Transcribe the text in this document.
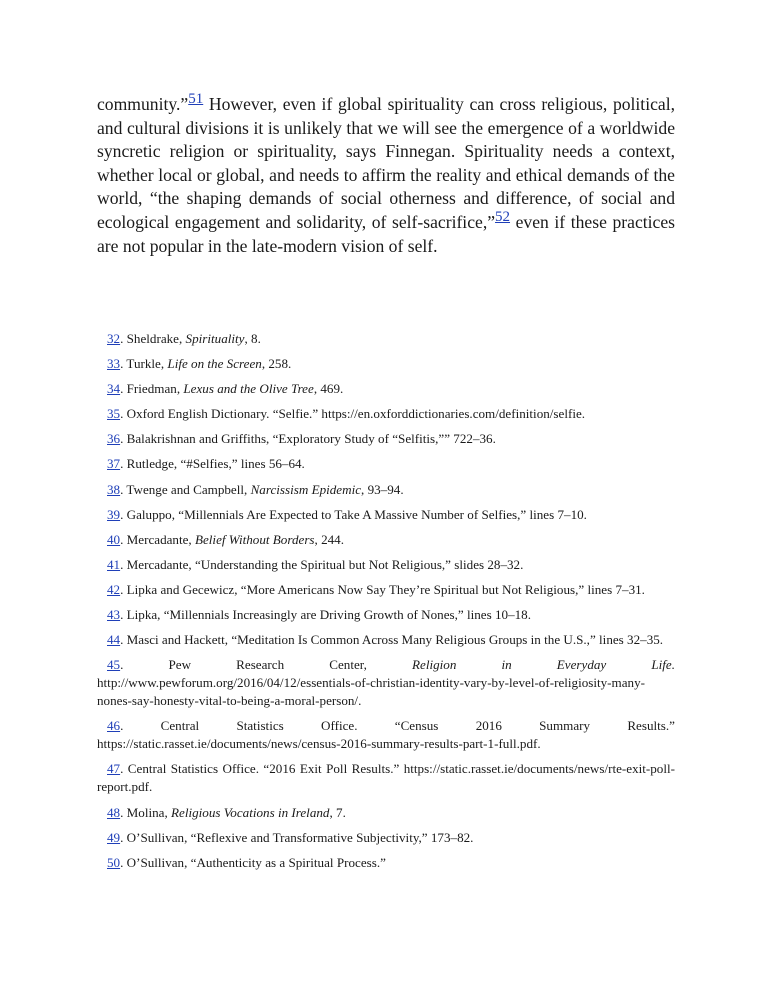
community.”$^{51}$ However, even if global spirituality can cross religious, political, and cultural divisions it is unlikely that we will see the emergence of a worldwide syncretic religion or spirituality, says Finnegan. Spirituality needs a context, whether local or global, and needs to affirm the reality and ethical demands of the world, “the shaping demands of social otherness and difference, of social and ecological engagement and solidarity, of self-sacrifice,”$^{52}$ even if these practices are not popular in the late-modern vision of self.

32. Sheldrake, Spirituality, 8.
33. Turkle, Life on the Screen, 258.
34. Friedman, Lexus and the Olive Tree, 469.
35. Oxford English Dictionary. “Selfie.” https://en.oxforddictionaries.com/definition/selfie.
36. Balakrishnan and Griffiths, “Exploratory Study of “Selfitis,”” 722–36.
37. Rutledge, “#Selfies,” lines 56–64.
38. Twenge and Campbell, Narcissism Epidemic, 93–94.
39. Galuppo, “Millennials Are Expected to Take A Massive Number of Selfies,” lines 7–10.
40. Mercadante, Belief Without Borders, 244.
41. Mercadante, “Understanding the Spiritual but Not Religious,” slides 28–32.
42. Lipka and Gecewicz, “More Americans Now Say They’re Spiritual but Not Religious,” lines 7–31.
43. Lipka, “Millennials Increasingly are Driving Growth of Nones,” lines 10–18.
44. Masci and Hackett, “Meditation Is Common Across Many Religious Groups in the U.S.,” lines 32–35.
45.	Pew	Research	Center,	Religion	in	Everyday	Life.
http://www.pewforum.org/2016/04/12/essentials-of-christian-identity-vary-by-level-of-religiosity-many-nones-say-honesty-vital-to-being-a-moral-person/.
46.	Central	Statistics	Office.	“Census	2016	Summary	Results.”
https://static.rasset.ie/documents/news/census-2016-summary-results-part-1-full.pdf.
47. Central Statistics Office. “2016 Exit Poll Results.” https://static.rasset.ie/documents/news/rte-exit-poll-report.pdf.
48. Molina, Religious Vocations in Ireland, 7.
49. O’Sullivan, “Reflexive and Transformative Subjectivity,” 173–82.
50. O’Sullivan, “Authenticity as a Spiritual Process.”
